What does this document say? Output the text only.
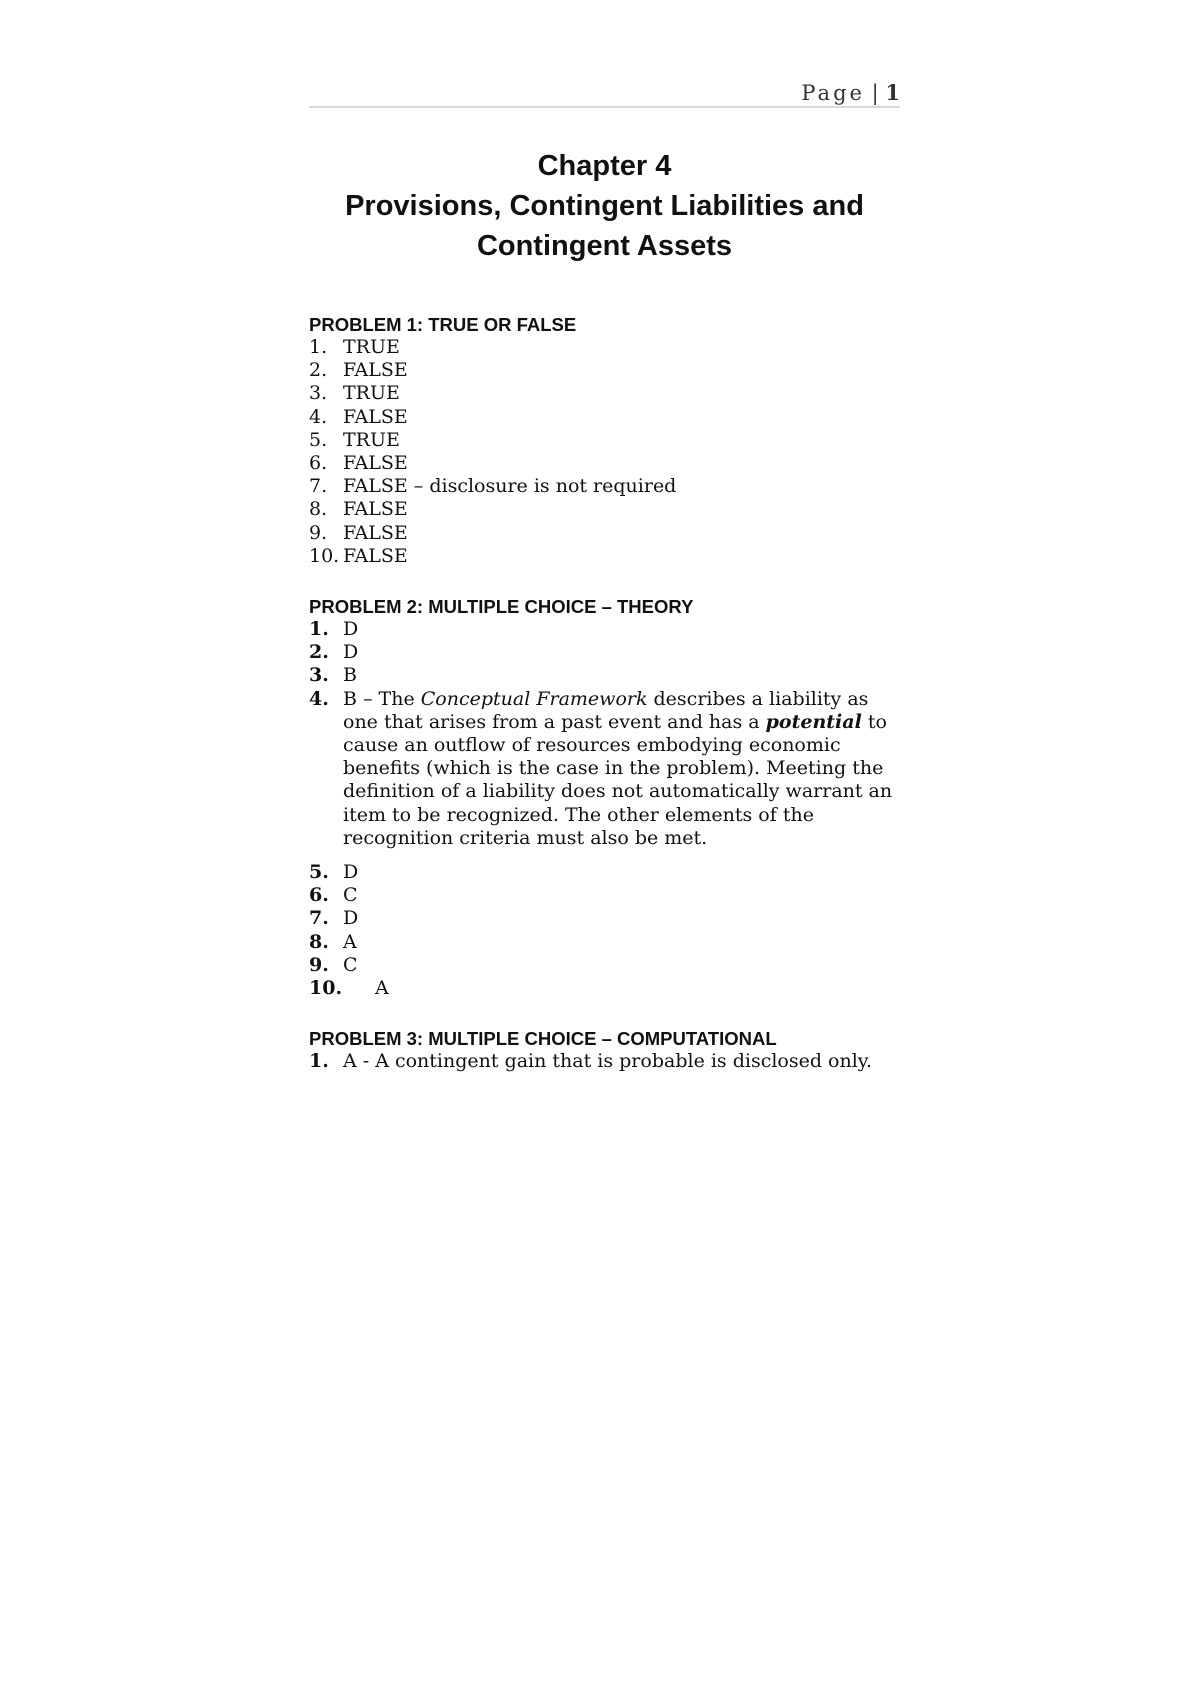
Page | 1
Chapter 4
Provisions, Contingent Liabilities and
Contingent Assets
PROBLEM 1: TRUE OR FALSE
1. TRUE
2. FALSE
3. TRUE
4. FALSE
5. TRUE
6. FALSE
7. FALSE – disclosure is not required
8. FALSE
9. FALSE
10. FALSE
PROBLEM 2: MULTIPLE CHOICE – THEORY
1. D
2. D
3. B
4. B – The Conceptual Framework describes a liability as one that arises from a past event and has a potential to cause an outflow of resources embodying economic benefits (which is the case in the problem). Meeting the definition of a liability does not automatically warrant an item to be recognized. The other elements of the recognition criteria must also be met.
5. D
6. C
7. D
8. A
9. C
10.	A
PROBLEM 3: MULTIPLE CHOICE – COMPUTATIONAL
1. A - A contingent gain that is probable is disclosed only.
